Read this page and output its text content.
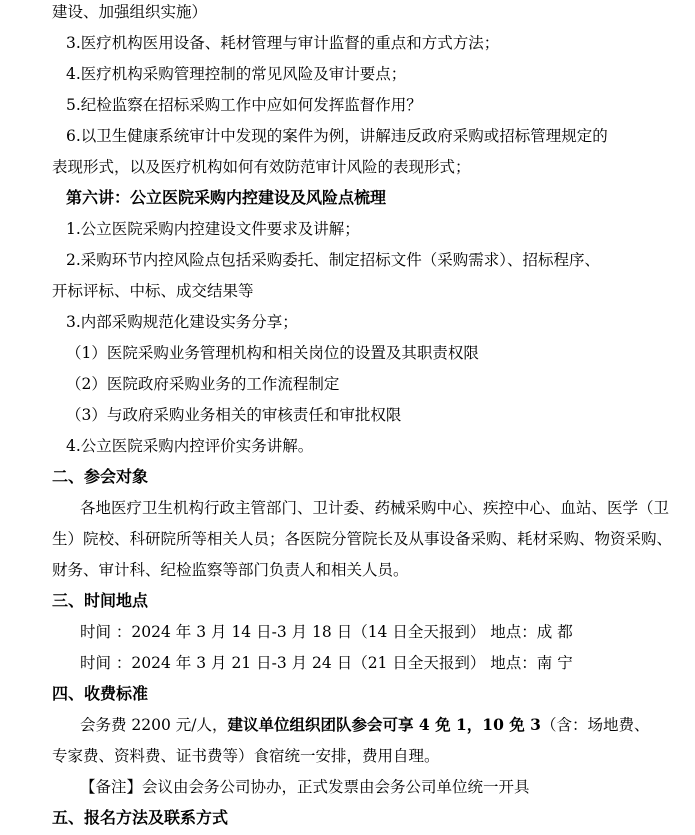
建设、加强组织实施）
3.医疗机构医用设备、耗材管理与审计监督的重点和方式方法；
4.医疗机构采购管理控制的常见风险及审计要点；
5.纪检监察在招标采购工作中应如何发挥监督作用？
6.以卫生健康系统审计中发现的案件为例，讲解违反政府采购或招标管理规定的
表现形式，以及医疗机构如何有效防范审计风险的表现形式；
第六讲：公立医院采购内控建设及风险点梳理
1.公立医院采购内控建设文件要求及讲解；
2.采购环节内控风险点包括采购委托、制定招标文件（采购需求）、招标程序、
开标评标、中标、成交结果等
3.内部采购规范化建设实务分享；
（1）医院采购业务管理机构和相关岗位的设置及其职责权限
（2）医院政府采购业务的工作流程制定
（3）与政府采购业务相关的审核责任和审批权限
4.公立医院采购内控评价实务讲解。
二、参会对象
各地医疗卫生机构行政主管部门、卫计委、药械采购中心、疾控中心、血站、医学（卫
生）院校、科研院所等相关人员；各医院分管院长及从事设备采购、耗材采购、物资采购、
财务、审计科、纪检监察等部门负责人和相关人员。
三、时间地点
时间 ：2024 年 3 月 14 日-3 月 18 日（14 日全天报到） 地点：成 都
时间 ：2024 年 3 月 21 日-3 月 24 日（21 日全天报到） 地点：南 宁
四、收费标准
会务费 2200 元/人，建议单位组织团队参会可享 4 免 1，10 免 3（含：场地费、
专家费、资料费、证书费等）食宿统一安排，费用自理。
【备注】会议由会务公司协办，正式发票由会务公司单位统一开具
五、报名方法及联系方式
